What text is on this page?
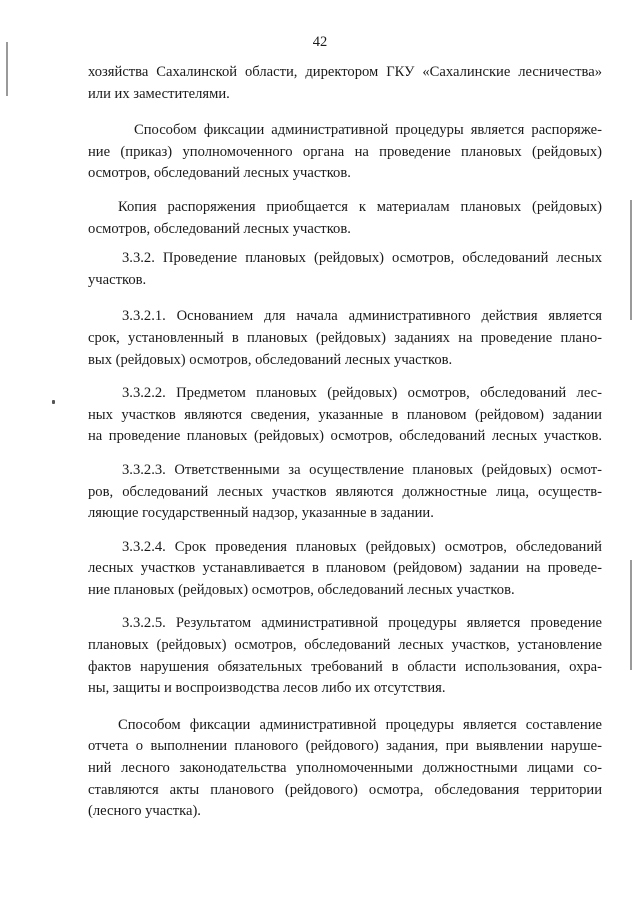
42

хозяйства Сахалинской области, директором ГКУ «Сахалинские лесничества»
или их заместителями.

Способом фиксации административной процедуры является распоряже-
ние (приказ) уполномоченного органа на проведение плановых (рейдовых)
осмотров, обследований лесных участков.

Копия распоряжения приобщается к материалам плановых (рейдовых)
осмотров, обследований лесных участков.

3.3.2. Проведение плановых (рейдовых) осмотров, обследований лесных
участков.

3.3.2.1. Основанием для начала административного действия является
срок, установленный в плановых (рейдовых) заданиях на проведение плано-
вых (рейдовых) осмотров, обследований лесных участков.

3.3.2.2. Предметом плановых (рейдовых) осмотров, обследований лес-
ных участков являются сведения, указанные в плановом (рейдовом) задании
на проведение плановых (рейдовых) осмотров, обследований лесных участков.

3.3.2.3. Ответственными за осуществление плановых (рейдовых) осмот-
ров, обследований лесных участков являются должностные лица, осуществ-
ляющие государственный надзор, указанные в задании.

3.3.2.4. Срок проведения плановых (рейдовых) осмотров, обследований
лесных участков устанавливается в плановом (рейдовом) задании на проведе-
ние плановых (рейдовых) осмотров, обследований лесных участков.

3.3.2.5. Результатом административной процедуры является проведение
плановых (рейдовых) осмотров, обследований лесных участков, установление
фактов нарушения обязательных требований в области использования, охра-
ны, защиты и воспроизводства лесов либо их отсутствия.

Способом фиксации административной процедуры является составление
отчета о выполнении планового (рейдового) задания, при выявлении наруше-
ний лесного законодательства уполномоченными должностными лицами со-
ставляются акты планового (рейдового) осмотра, обследования территории
(лесного участка).
